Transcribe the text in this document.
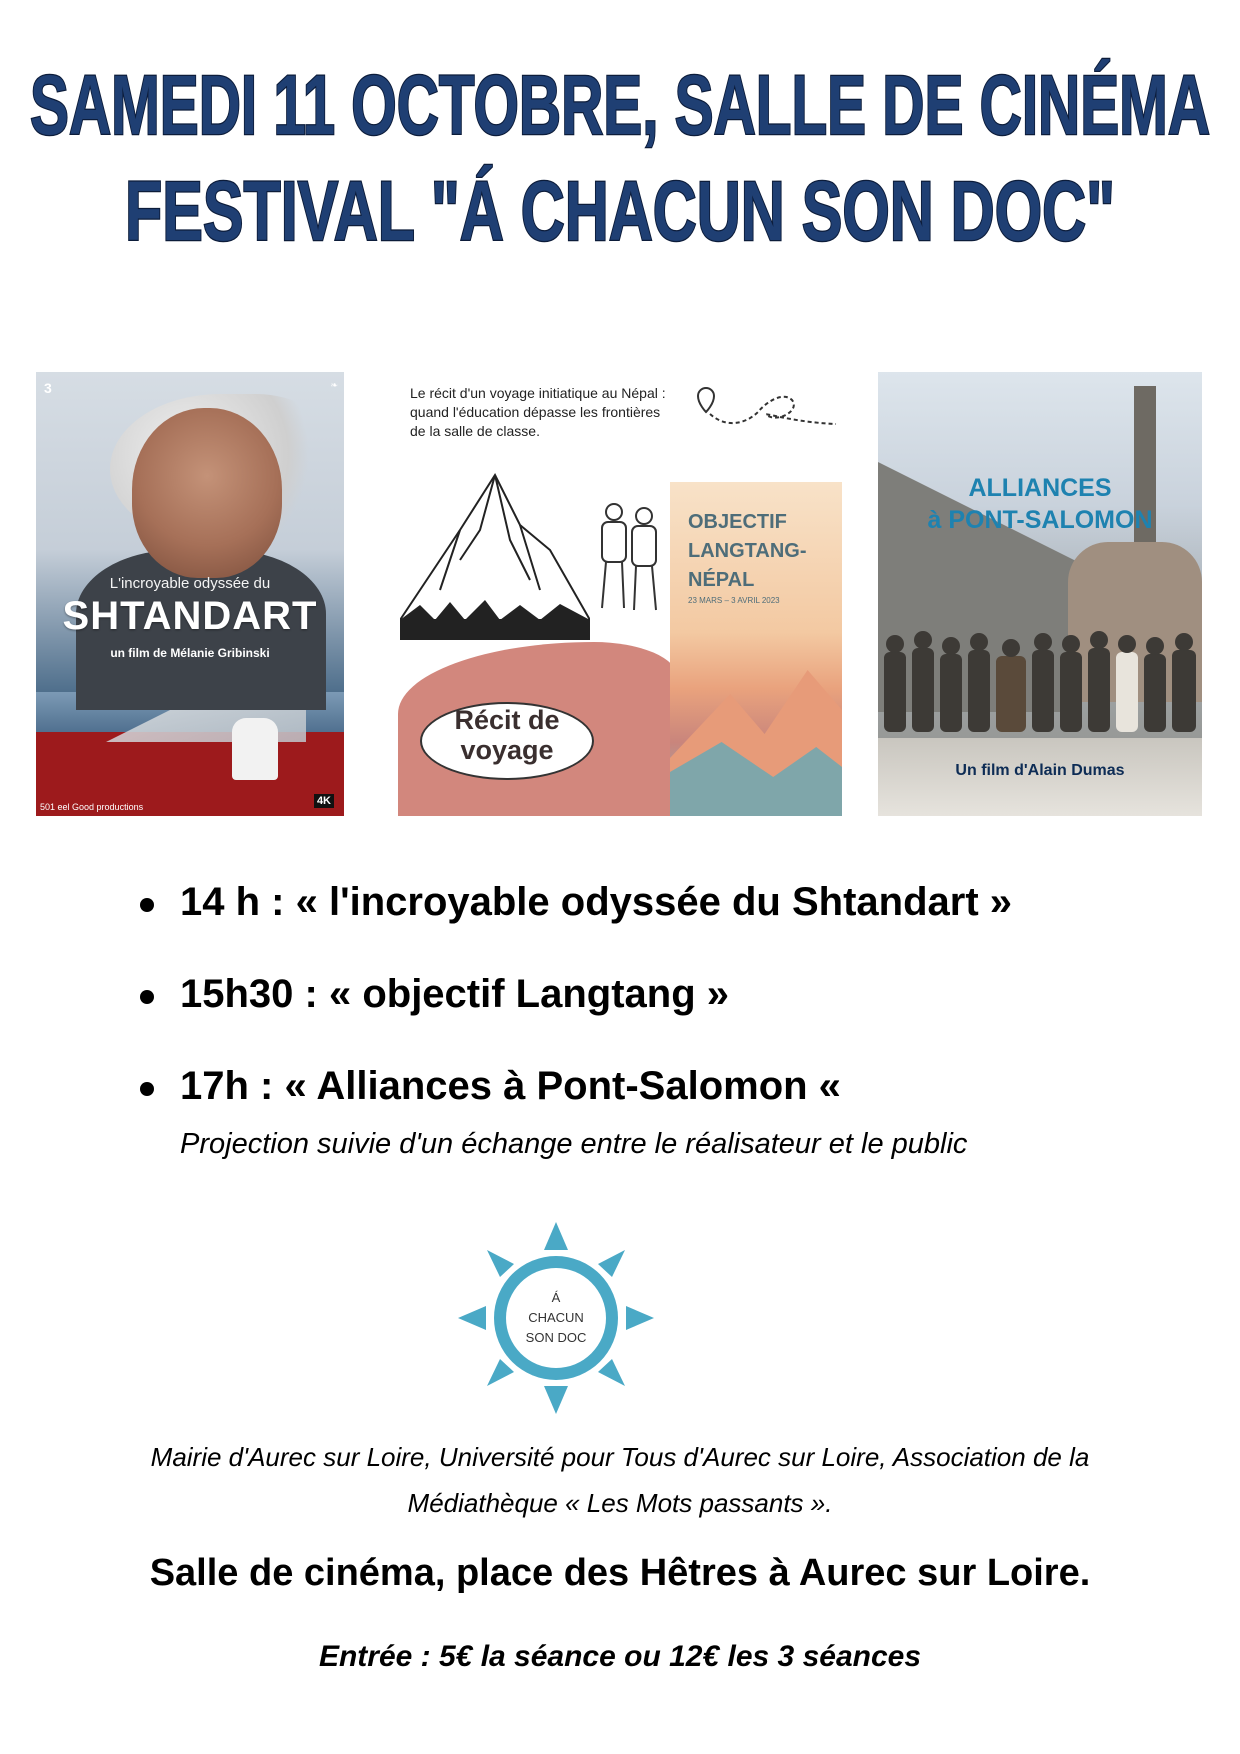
SAMEDI 11 OCTOBRE, SALLE DE CINÉMA
FESTIVAL "Á CHACUN SON DOC"
3	❧
L'incroyable odyssée du
SHTANDART
un film de Mélanie Gribinski
4K
501 eel Good productions
Le récit d'un voyage initiatique au Népal : quand l'éducation dépasse les frontières de la salle de classe.
Récit de
voyage
OBJECTIF
LANGTANG-
NÉPAL
23 MARS – 3 AVRIL 2023
ALLIANCES
à PONT-SALOMON
Un film d'Alain Dumas
14 h : « l'incroyable odyssée du Shtandart »
15h30 : « objectif Langtang »
17h : « Alliances à Pont-Salomon «
Projection suivie d'un échange entre le réalisateur et le public
Á
CHACUN
SON DOC
Mairie d'Aurec sur Loire, Université pour Tous d'Aurec sur Loire, Association de la
Médiathèque « Les Mots passants ».
Salle de cinéma, place des Hêtres à Aurec sur Loire.
Entrée : 5€ la séance ou 12€ les 3 séances
